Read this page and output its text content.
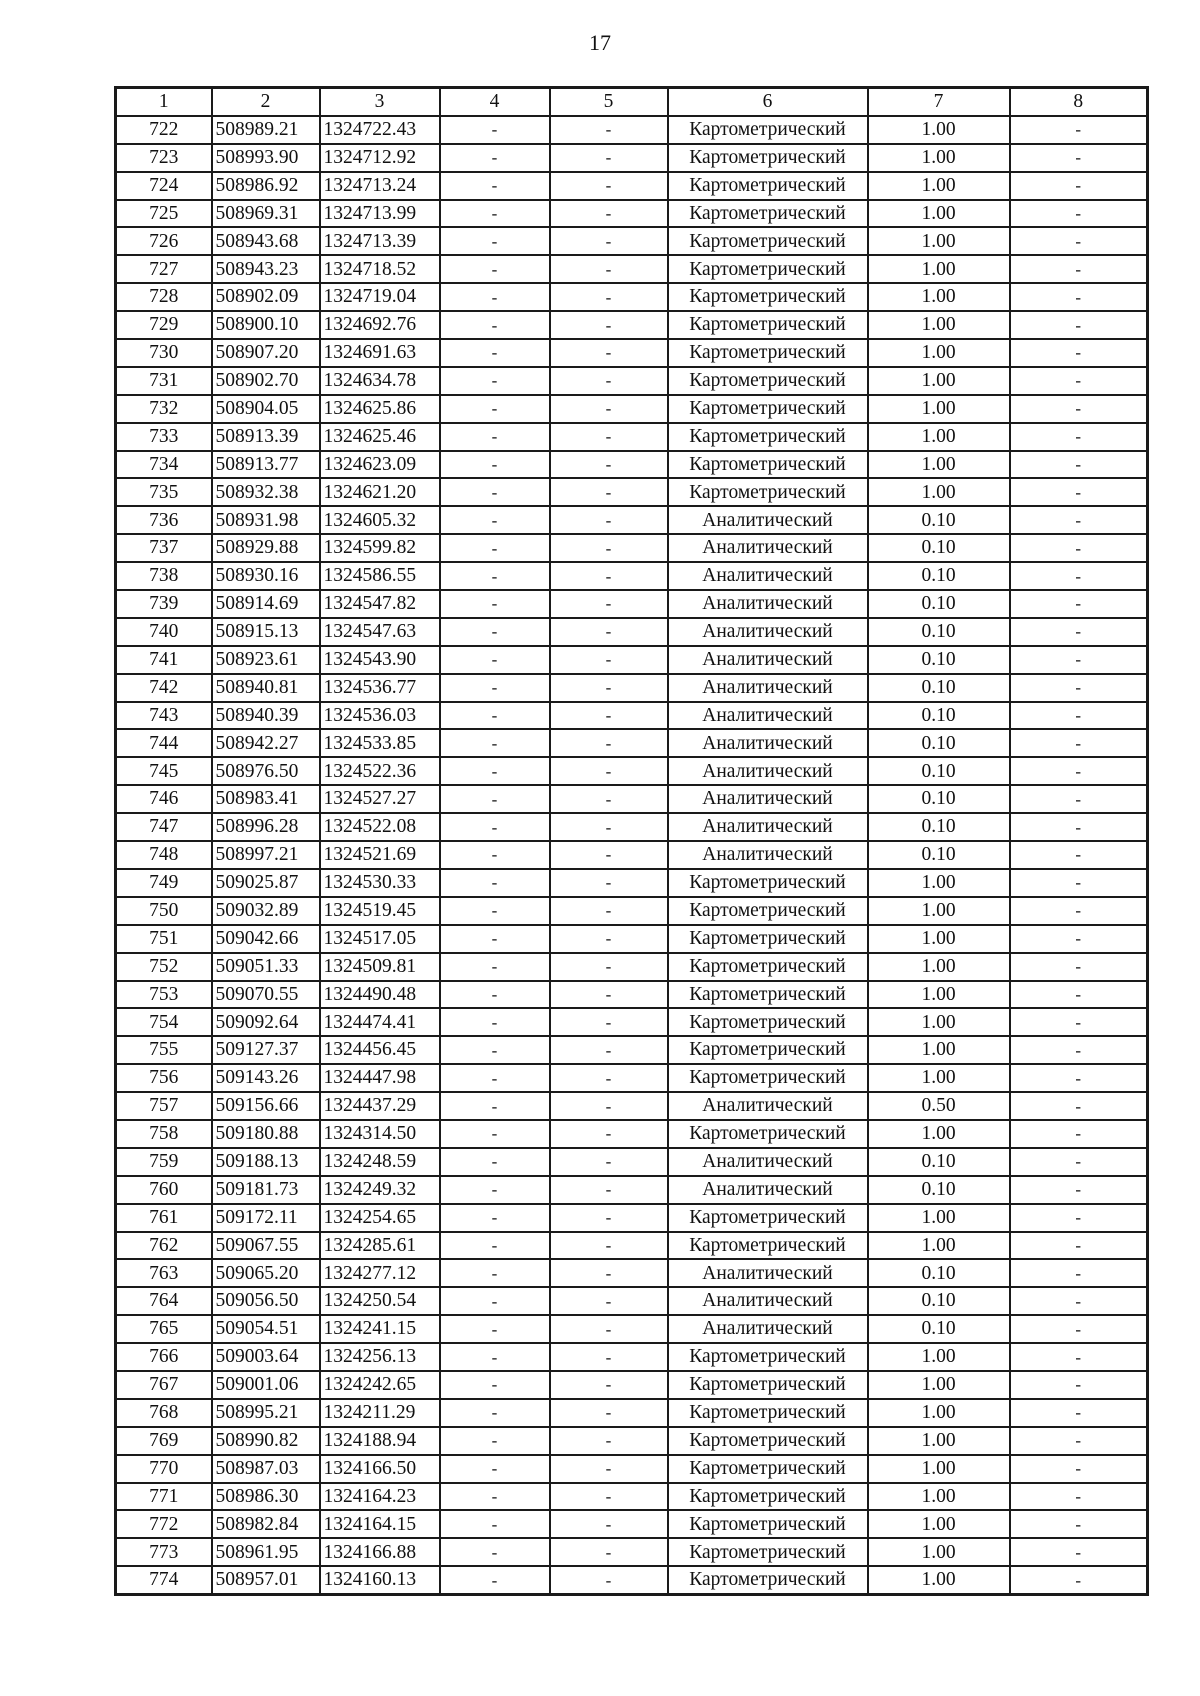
17
1	2	3	4	5	6	7	8
722	508989.21	1324722.43	-	-	Картометрический	1.00	-
723	508993.90	1324712.92	-	-	Картометрический	1.00	-
724	508986.92	1324713.24	-	-	Картометрический	1.00	-
725	508969.31	1324713.99	-	-	Картометрический	1.00	-
726	508943.68	1324713.39	-	-	Картометрический	1.00	-
727	508943.23	1324718.52	-	-	Картометрический	1.00	-
728	508902.09	1324719.04	-	-	Картометрический	1.00	-
729	508900.10	1324692.76	-	-	Картометрический	1.00	-
730	508907.20	1324691.63	-	-	Картометрический	1.00	-
731	508902.70	1324634.78	-	-	Картометрический	1.00	-
732	508904.05	1324625.86	-	-	Картометрический	1.00	-
733	508913.39	1324625.46	-	-	Картометрический	1.00	-
734	508913.77	1324623.09	-	-	Картометрический	1.00	-
735	508932.38	1324621.20	-	-	Картометрический	1.00	-
736	508931.98	1324605.32	-	-	Аналитический	0.10	-
737	508929.88	1324599.82	-	-	Аналитический	0.10	-
738	508930.16	1324586.55	-	-	Аналитический	0.10	-
739	508914.69	1324547.82	-	-	Аналитический	0.10	-
740	508915.13	1324547.63	-	-	Аналитический	0.10	-
741	508923.61	1324543.90	-	-	Аналитический	0.10	-
742	508940.81	1324536.77	-	-	Аналитический	0.10	-
743	508940.39	1324536.03	-	-	Аналитический	0.10	-
744	508942.27	1324533.85	-	-	Аналитический	0.10	-
745	508976.50	1324522.36	-	-	Аналитический	0.10	-
746	508983.41	1324527.27	-	-	Аналитический	0.10	-
747	508996.28	1324522.08	-	-	Аналитический	0.10	-
748	508997.21	1324521.69	-	-	Аналитический	0.10	-
749	509025.87	1324530.33	-	-	Картометрический	1.00	-
750	509032.89	1324519.45	-	-	Картометрический	1.00	-
751	509042.66	1324517.05	-	-	Картометрический	1.00	-
752	509051.33	1324509.81	-	-	Картометрический	1.00	-
753	509070.55	1324490.48	-	-	Картометрический	1.00	-
754	509092.64	1324474.41	-	-	Картометрический	1.00	-
755	509127.37	1324456.45	-	-	Картометрический	1.00	-
756	509143.26	1324447.98	-	-	Картометрический	1.00	-
757	509156.66	1324437.29	-	-	Аналитический	0.50	-
758	509180.88	1324314.50	-	-	Картометрический	1.00	-
759	509188.13	1324248.59	-	-	Аналитический	0.10	-
760	509181.73	1324249.32	-	-	Аналитический	0.10	-
761	509172.11	1324254.65	-	-	Картометрический	1.00	-
762	509067.55	1324285.61	-	-	Картометрический	1.00	-
763	509065.20	1324277.12	-	-	Аналитический	0.10	-
764	509056.50	1324250.54	-	-	Аналитический	0.10	-
765	509054.51	1324241.15	-	-	Аналитический	0.10	-
766	509003.64	1324256.13	-	-	Картометрический	1.00	-
767	509001.06	1324242.65	-	-	Картометрический	1.00	-
768	508995.21	1324211.29	-	-	Картометрический	1.00	-
769	508990.82	1324188.94	-	-	Картометрический	1.00	-
770	508987.03	1324166.50	-	-	Картометрический	1.00	-
771	508986.30	1324164.23	-	-	Картометрический	1.00	-
772	508982.84	1324164.15	-	-	Картометрический	1.00	-
773	508961.95	1324166.88	-	-	Картометрический	1.00	-
774	508957.01	1324160.13	-	-	Картометрический	1.00	-
